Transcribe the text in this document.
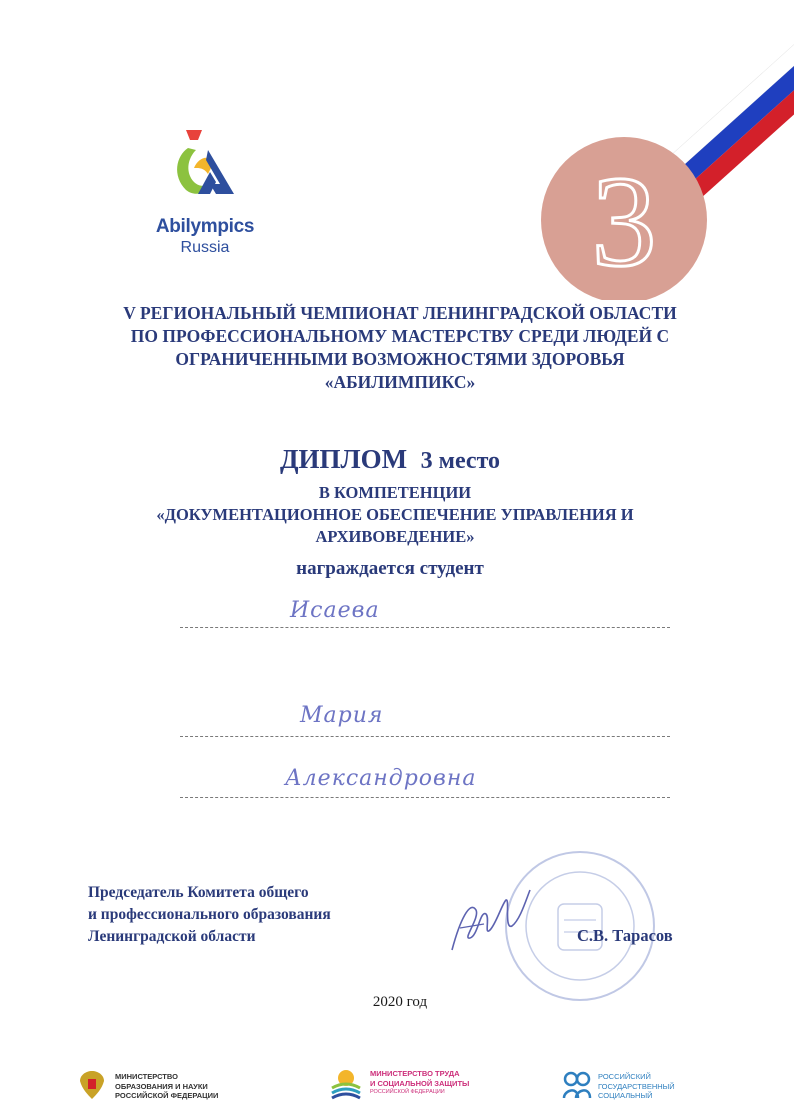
Abilympics
Russia	3
V РЕГИОНАЛЬНЫЙ ЧЕМПИОНАТ ЛЕНИНГРАДСКОЙ ОБЛАСТИ
ПО ПРОФЕССИОНАЛЬНОМУ МАСТЕРСТВУ СРЕДИ ЛЮДЕЙ С
ОГРАНИЧЕННЫМИ ВОЗМОЖНОСТЯМИ ЗДОРОВЬЯ
«АБИЛИМПИКС»
ДИПЛОМ 3 место
В КОМПЕТЕНЦИИ
«ДОКУМЕНТАЦИОННОЕ ОБЕСПЕЧЕНИЕ УПРАВЛЕНИЯ И
АРХИВОВЕДЕНИЕ»
награждается студент
Исаева
Мария
Александровна
Председатель Комитета общего
и профессионального образования
Ленинградской области	С.В. Тарасов
2020 год
МИНИСТЕРСТВО
ОБРАЗОВАНИЯ И НАУКИ
РОССИЙСКОЙ ФЕДЕРАЦИИ
МИНИСТЕРСТВО ТРУДА
И СОЦИАЛЬНОЙ ЗАЩИТЫ
РОССИЙСКОЙ ФЕДЕРАЦИИ
РОССИЙСКИЙ
ГОСУДАРСТВЕННЫЙ
СОЦИАЛЬНЫЙ
